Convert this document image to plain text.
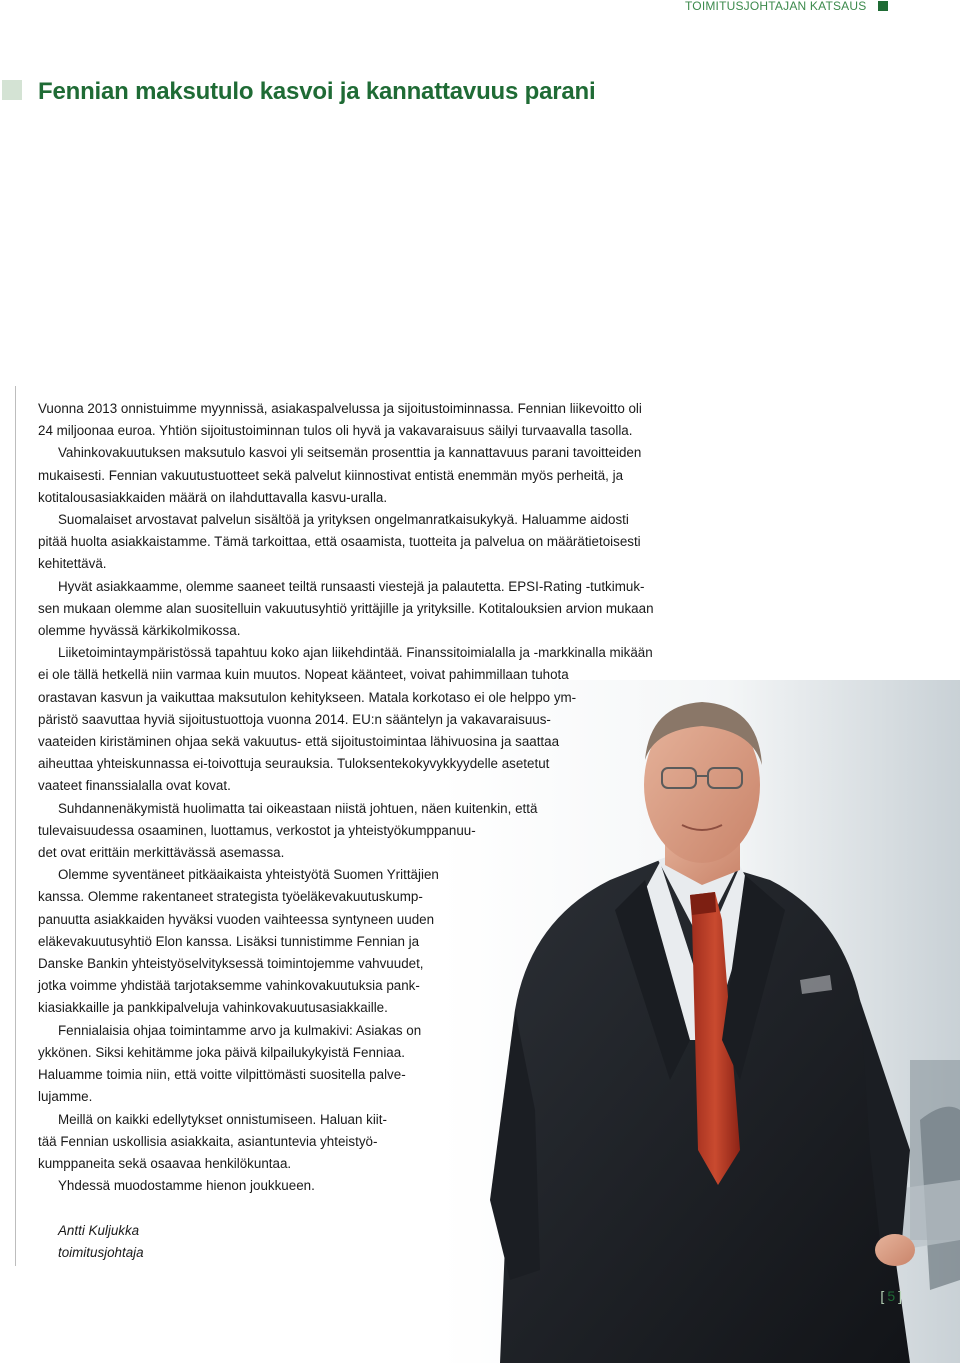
TOIMITUSJOHTAJAN KATSAUS
Fennian maksutulo kasvoi ja kannattavuus parani
[5]

Vuonna 2013 onnistuimme myynnissä, asiakaspalvelussa ja sijoitustoiminnassa. Fennian liikevoitto oli
24 miljoonaa euroa. Yhtiön sijoitustoiminnan tulos oli hyvä ja vakavaraisuus säilyi turvaavalla tasolla.

Vahinkovakuutuksen maksutulo kasvoi yli seitsemän prosenttia ja kannattavuus parani tavoitteiden
mukaisesti. Fennian vakuutustuotteet sekä palvelut kiinnostivat entistä enemmän myös perheitä, ja
kotitalousasiakkaiden määrä on ilahduttavalla kasvu-uralla.

Suomalaiset arvostavat palvelun sisältöä ja yrityksen ongelmanratkaisukykyä. Haluamme aidosti
pitää huolta asiakkaistamme. Tämä tarkoittaa, että osaamista, tuotteita ja palvelua on määrätietoisesti
kehitettävä.

Hyvät asiakkaamme, olemme saaneet teiltä runsaasti viestejä ja palautetta. EPSI-Rating -tutkimuk-
sen mukaan olemme alan suositelluin vakuutusyhtiö yrittäjille ja yrityksille. Kotitalouksien arvion mukaan
olemme hyvässä kärkikolmikossa.

Liiketoimintaympäristössä tapahtuu koko ajan liikehdintää. Finanssitoimialalla ja -markkinalla mikään
ei ole tällä hetkellä niin varmaa kuin muutos. Nopeat käänteet, voivat pahimmillaan tuhota
orastavan kasvun ja vaikuttaa maksutulon kehitykseen. Matala korkotaso ei ole helppo ym-
päristö saavuttaa hyviä sijoitustuottoja vuonna 2014. EU:n sääntelyn ja vakavaraisuus-
vaateiden kiristäminen ohjaa sekä vakuutus- että sijoitustoimintaa lähivuosina ja saattaa
aiheuttaa yhteiskunnassa ei-toivottuja seurauksia. Tuloksentekokyvykkyydelle asetetut
vaateet finanssialalla ovat kovat.

Suhdannenäkymistä huolimatta tai oikeastaan niistä johtuen, näen kuitenkin, että
tulevaisuudessa osaaminen, luottamus, verkostot ja yhteistyökumppanuu-
det ovat erittäin merkittävässä asemassa.

Olemme syventäneet pitkäaikaista yhteistyötä Suomen Yrittäjien
kanssa. Olemme rakentaneet strategista työeläkevakuutuskump-
panuutta asiakkaiden hyväksi vuoden vaihteessa syntyneen uuden
eläkevakuutusyhtiö Elon kanssa. Lisäksi tunnistimme Fennian ja
Danske Bankin yhteistyöselvityksessä toimintojemme vahvuudet,
jotka voimme yhdistää tarjotaksemme vahinkovakuutuksia pank-
kiasiakkaille ja pankkipalveluja vahinkovakuutusasiakkaille.

Fennialaisia ohjaa toimintamme arvo ja kulmakivi: Asiakas on
ykkönen. Siksi kehitämme joka päivä kilpailukykyistä Fenniaa.
Haluamme toimia niin, että voitte vilpittömästi suositella palve-
lujamme.

Meillä on kaikki edellytykset onnistumiseen. Haluan kiit-
tää Fennian uskollisia asiakkaita, asiantuntevia yhteistyö-
kumppaneita sekä osaavaa henkilökuntaa.

Yhdessä muodostamme hienon joukkueen.

Antti Kuljukka
toimitusjohtaja
